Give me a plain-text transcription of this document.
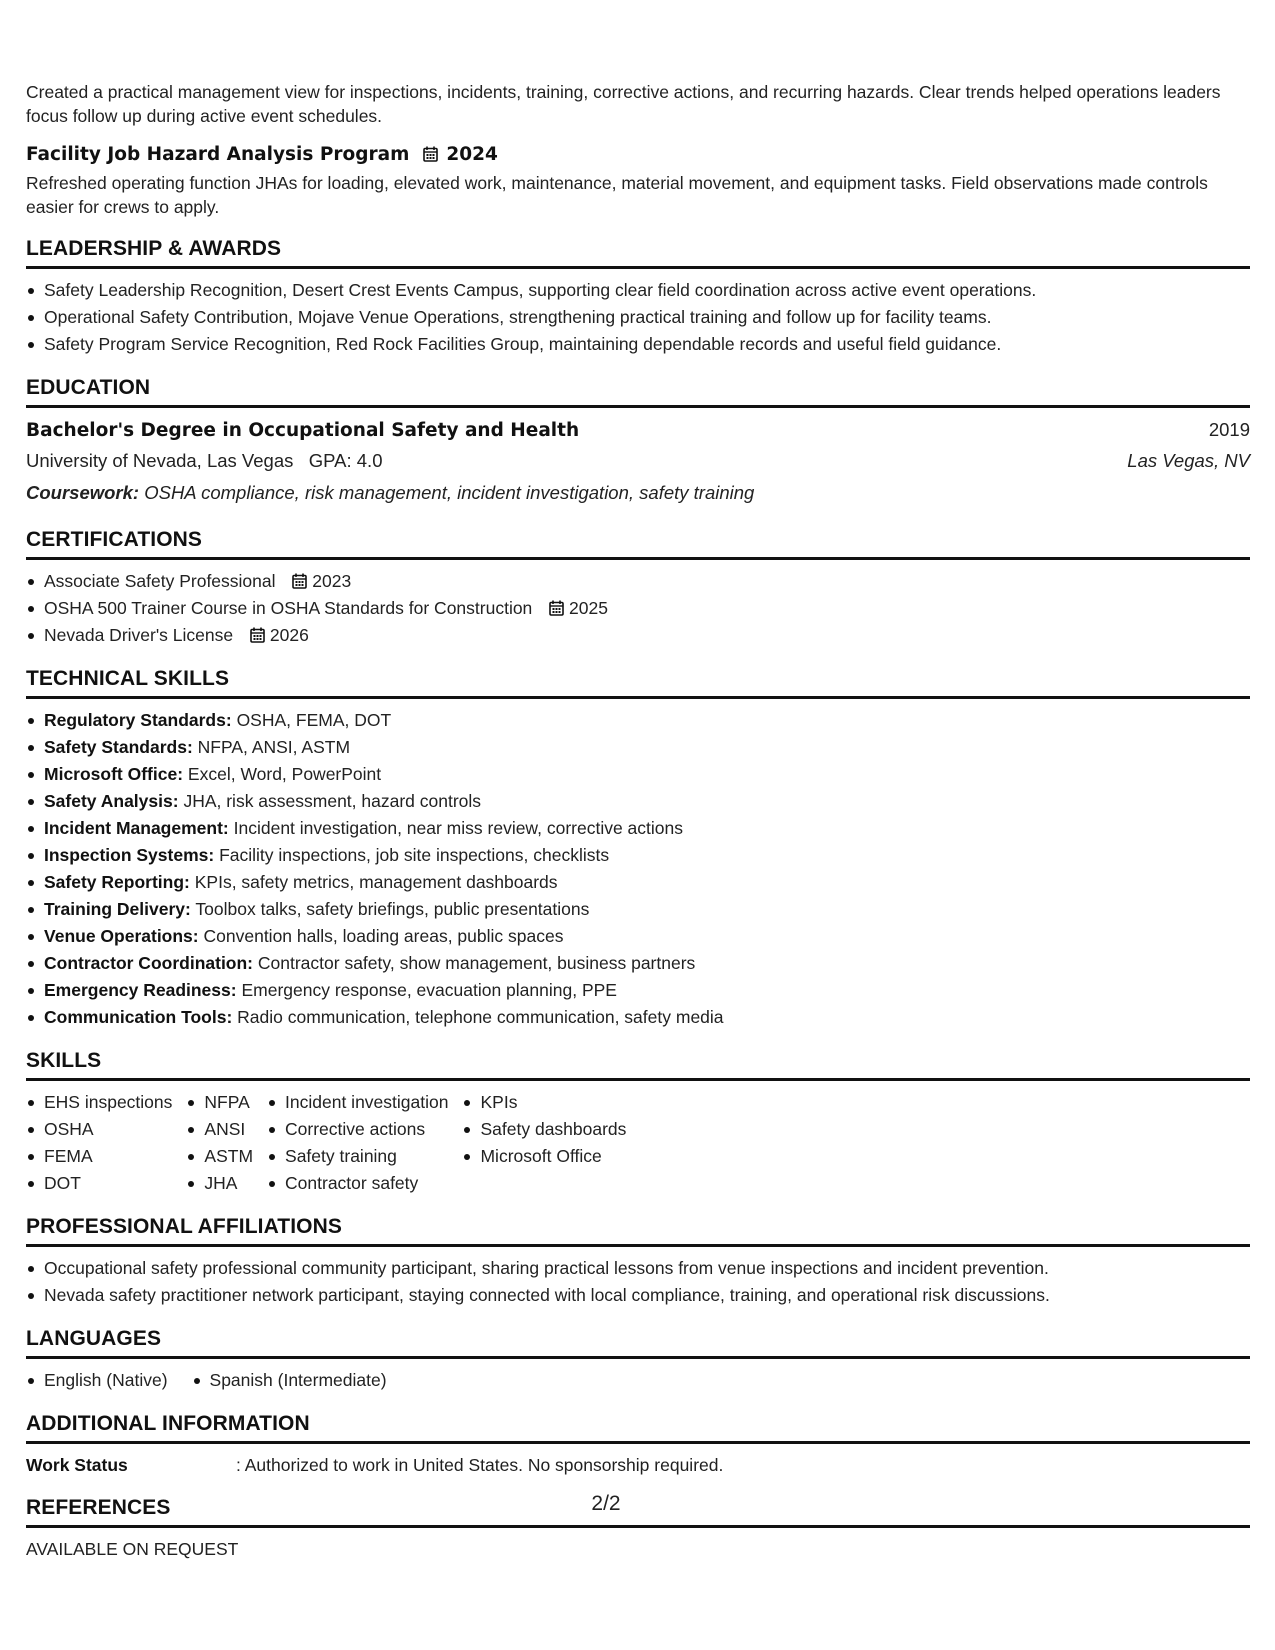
Created a practical management view for inspections, incidents, training, corrective actions, and recurring hazards. Clear trends helped operations leaders focus follow up during active event schedules.

Facility Job Hazard Analysis Program 2024

Refreshed operating function JHAs for loading, elevated work, maintenance, material movement, and equipment tasks. Field observations made controls easier for crews to apply.

LEADERSHIP & AWARDS
Safety Leadership Recognition, Desert Crest Events Campus, supporting clear field coordination across active event operations.
Operational Safety Contribution, Mojave Venue Operations, strengthening practical training and follow up for facility teams.
Safety Program Service Recognition, Red Rock Facilities Group, maintaining dependable records and useful field guidance.
EDUCATION
Bachelor's Degree in Occupational Safety and Health	2019
University of Nevada, Las Vegas GPA: 4.0	Las Vegas, NV
Coursework: OSHA compliance, risk management, incident investigation, safety training
CERTIFICATIONS
Associate Safety Professional 2023
OSHA 500 Trainer Course in OSHA Standards for Construction 2025
Nevada Driver's License 2026
TECHNICAL SKILLS
Regulatory Standards: OSHA, FEMA, DOT
Safety Standards: NFPA, ANSI, ASTM
Microsoft Office: Excel, Word, PowerPoint
Safety Analysis: JHA, risk assessment, hazard controls
Incident Management: Incident investigation, near miss review, corrective actions
Inspection Systems: Facility inspections, job site inspections, checklists
Safety Reporting: KPIs, safety metrics, management dashboards
Training Delivery: Toolbox talks, safety briefings, public presentations
Venue Operations: Convention halls, loading areas, public spaces
Contractor Coordination: Contractor safety, show management, business partners
Emergency Readiness: Emergency response, evacuation planning, PPE
Communication Tools: Radio communication, telephone communication, safety media
SKILLS
EHS inspections
OSHA
FEMA
DOT
NFPA
ANSI
ASTM
JHA
Incident investigation
Corrective actions
Safety training
Contractor safety
KPIs
Safety dashboards
Microsoft Office
PROFESSIONAL AFFILIATIONS
Occupational safety professional community participant, sharing practical lessons from venue inspections and incident prevention.
Nevada safety practitioner network participant, staying connected with local compliance, training, and operational risk discussions.
LANGUAGES
English (Native)	Spanish (Intermediate)
ADDITIONAL INFORMATION
Work Status	: Authorized to work in United States. No sponsorship required.
REFERENCES
AVAILABLE ON REQUEST
2/2
